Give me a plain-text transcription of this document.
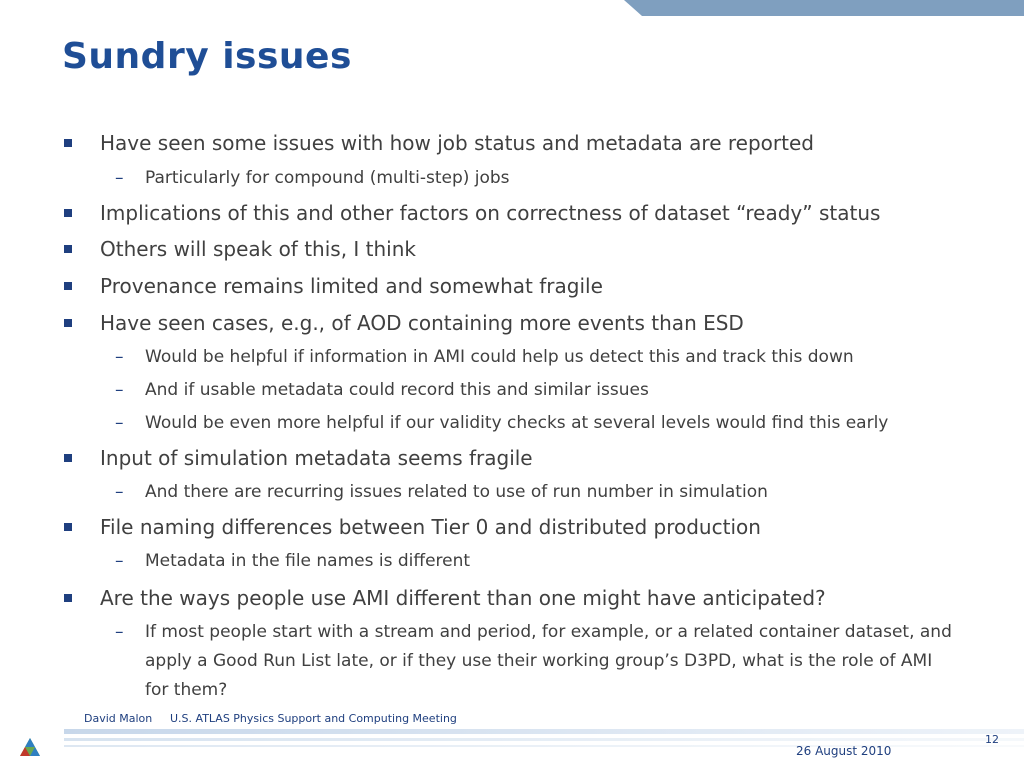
Sundry issues
Have seen some issues with how job status and metadata are reported
– Particularly for compound (multi-step) jobs
Implications of this and other factors on correctness of dataset “ready” status
Others will speak of this, I think
Provenance remains limited and somewhat fragile
Have seen cases, e.g., of AOD containing more events than ESD
– Would be helpful if information in AMI could help us detect this and track this down
– And if usable metadata could record this and similar issues
– Would be even more helpful if our validity checks at several levels would find this early
Input of simulation metadata seems fragile
– And there are recurring issues related to use of run number in simulation
File naming differences between Tier 0 and distributed production
– Metadata in the file names is different
Are the ways people use AMI different than one might have anticipated?
– If most people start with a stream and period, for example, or a related container dataset, and apply a Good Run List late, or if they use their working group’s D3PD, what is the role of AMI for them?
David Malon U.S. ATLAS Physics Support and Computing Meeting
12
26 August 2010
